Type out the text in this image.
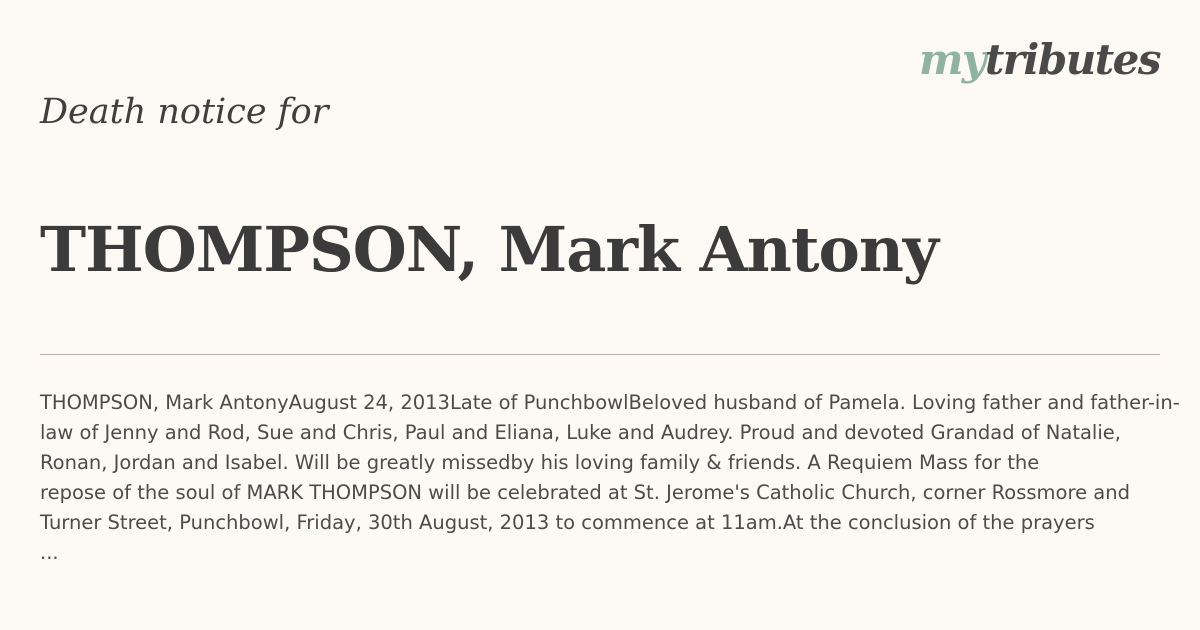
mytributes
Death notice for
THOMPSON, Mark Antony
THOMPSON, Mark AntonyAugust 24, 2013Late of PunchbowlBeloved husband of Pamela. Loving father and father-in-
law of Jenny and Rod, Sue and Chris, Paul and Eliana, Luke and Audrey. Proud and devoted Grandad of Natalie,
Ronan, Jordan and Isabel. Will be greatly missedby his loving family & friends. A Requiem Mass for the
repose of the soul of MARK THOMPSON will be celebrated at St. Jerome's Catholic Church, corner Rossmore and
Turner Street, Punchbowl, Friday, 30th August, 2013 to commence at 11am.At the conclusion of the prayers
...
